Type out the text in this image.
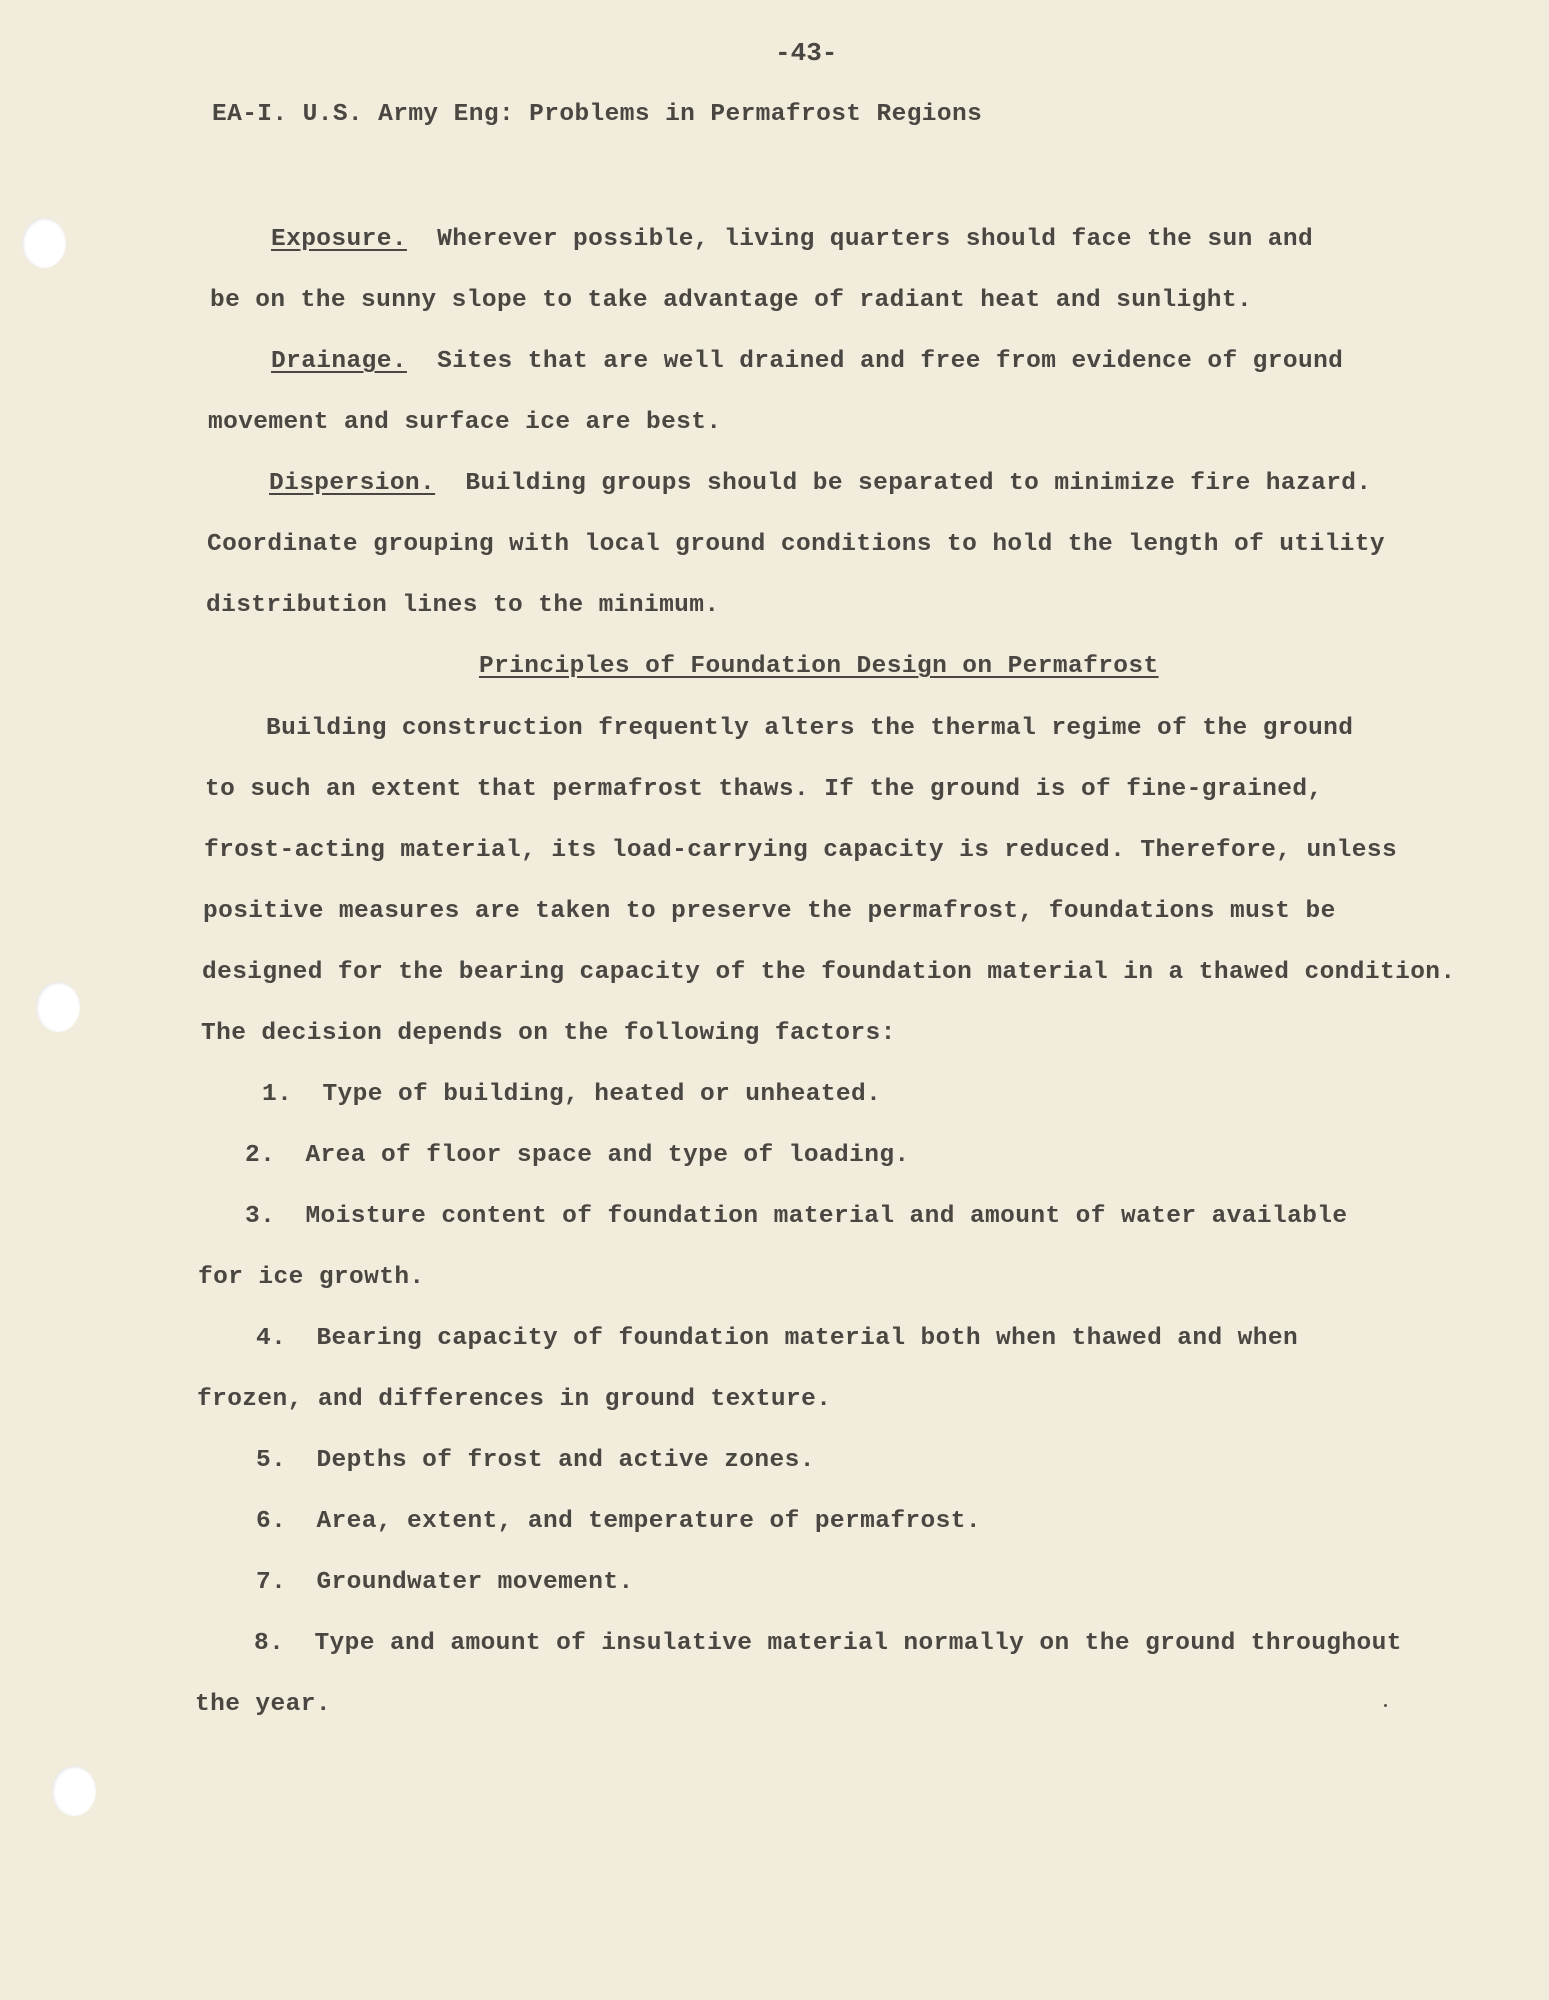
-43-
EA-I. U.S. Army Eng: Problems in Permafrost Regions
Exposure. Wherever possible, living quarters should face the sun and
be on the sunny slope to take advantage of radiant heat and sunlight.
Drainage. Sites that are well drained and free from evidence of ground
movement and surface ice are best.
Dispersion. Building groups should be separated to minimize fire hazard.
Coordinate grouping with local ground conditions to hold the length of utility
distribution lines to the minimum.
Principles of Foundation Design on Permafrost
Building construction frequently alters the thermal regime of the ground
to such an extent that permafrost thaws. If the ground is of fine-grained,
frost-acting material, its load-carrying capacity is reduced. Therefore, unless
positive measures are taken to preserve the permafrost, foundations must be
designed for the bearing capacity of the foundation material in a thawed condition.
The decision depends on the following factors:
1. Type of building, heated or unheated.
2. Area of floor space and type of loading.
3. Moisture content of foundation material and amount of water available
for ice growth.
4. Bearing capacity of foundation material both when thawed and when
frozen, and differences in ground texture.
5. Depths of frost and active zones.
6. Area, extent, and temperature of permafrost.
7. Groundwater movement.
8. Type and amount of insulative material normally on the ground throughout
the year.
